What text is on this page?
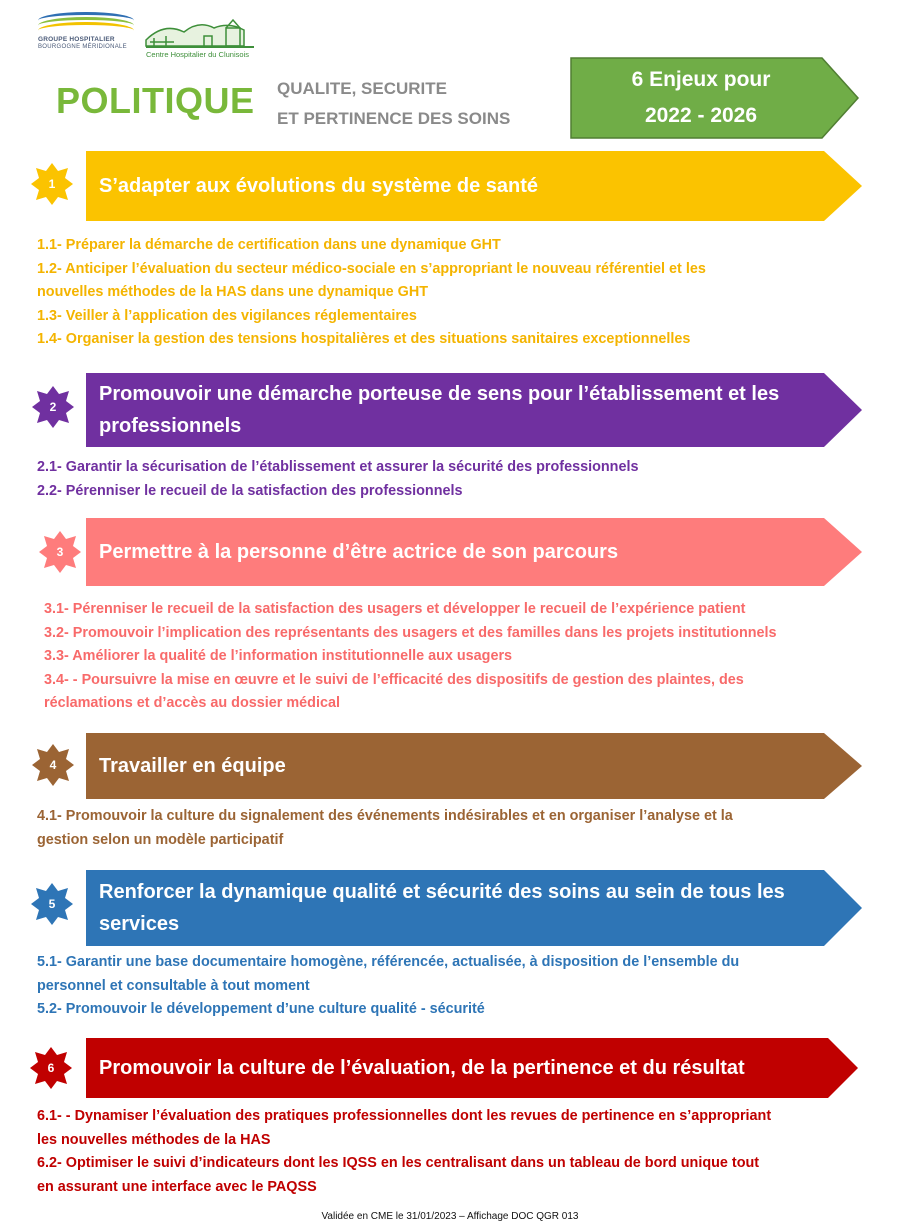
GROUPE HOSPITALIER
BOURGOGNE MÉRIDIONALE
Centre Hospitalier du Clunisois
POLITIQUE QUALITE, SECURITE
ET PERTINENCE DES SOINS
6 Enjeux pour
2022 - 2026
1	S’adapter aux évolutions du système de santé
1.1- Préparer la démarche de certification dans une dynamique GHT
1.2- Anticiper l’évaluation du secteur médico-sociale en s’appropriant le nouveau référentiel et les
nouvelles méthodes de la HAS dans une dynamique GHT
1.3- Veiller à l’application des vigilances réglementaires
1.4- Organiser la gestion des tensions hospitalières et des situations sanitaires exceptionnelles
2
Promouvoir une démarche porteuse de sens pour l’établissement et les
professionnels
2.1- Garantir la sécurisation de l’établissement et assurer la sécurité des professionnels
2.2- Pérenniser le recueil de la satisfaction des professionnels
3	Permettre à la personne d’être actrice de son parcours
3.1- Pérenniser le recueil de la satisfaction des usagers et développer le recueil de l’expérience patient
3.2- Promouvoir l’implication des représentants des usagers et des familles dans les projets institutionnels
3.3- Améliorer la qualité de l’information institutionnelle aux usagers
3.4- - Poursuivre la mise en œuvre et le suivi de l’efficacité des dispositifs de gestion des plaintes, des
réclamations et d’accès au dossier médical
4	Travailler en équipe
4.1- Promouvoir la culture du signalement des événements indésirables et en organiser l’analyse et la
gestion selon un modèle participatif
5
Renforcer la dynamique qualité et sécurité des soins au sein de tous les
services
5.1- Garantir une base documentaire homogène, référencée, actualisée, à disposition de l’ensemble du
personnel et consultable à tout moment
5.2- Promouvoir le développement d’une culture qualité - sécurité
6	Promouvoir la culture de l’évaluation, de la pertinence et du résultat
6.1- - Dynamiser l’évaluation des pratiques professionnelles dont les revues de pertinence en s’appropriant
les nouvelles méthodes de la HAS
6.2- Optimiser le suivi d’indicateurs dont les IQSS en les centralisant dans un tableau de bord unique tout
en assurant une interface avec le PAQSS
Validée en CME le 31/01/2023 – Affichage DOC QGR 013
